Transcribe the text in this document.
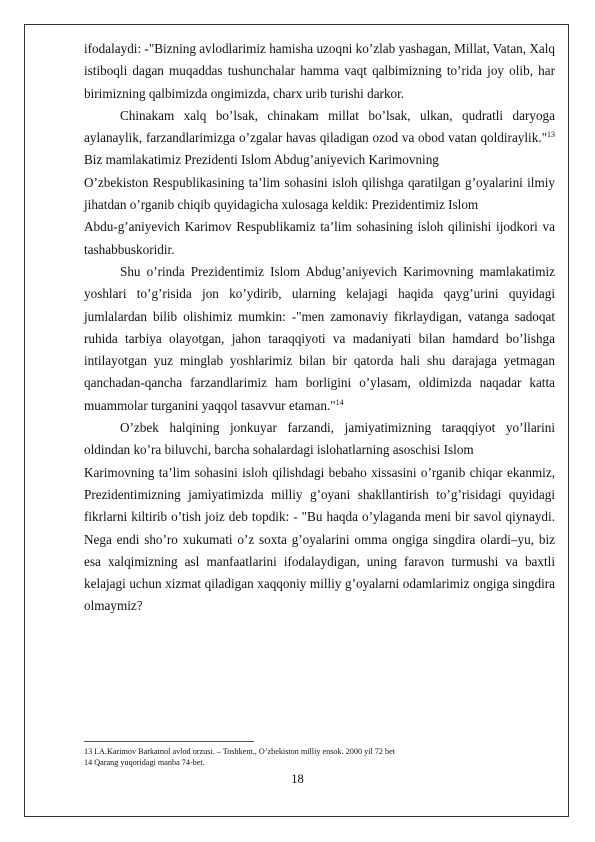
ifodalaydi: -"Bizning avlodlarimiz hamisha uzoqni ko’zlab yashagan, Millat, Vatan, Xalq istiboqli dagan muqaddas tushunchalar hamma vaqt qalbimizning to’rida joy olib, har birimizning qalbimizda ongimizda, charx urib turishi darkor.

Chinakam xalq bo’lsak, chinakam millat bo’lsak, ulkan, qudratli daryoga aylanaylik, farzandlarimizga o’zgalar havas qiladigan ozod va obod vatan qoldiraylik."$^{13}$ Biz mamlakatimiz Prezidenti Islom Abdug’aniyevich Karimovning

O’zbekiston Respublikasining ta’lim sohasini isloh qilishga qaratilgan g’oyalarini ilmiy jihatdan o’rganib chiqib quyidagicha xulosaga keldik: Prezidentimiz Islom

Abdu-g’aniyevich Karimov Respublikamiz ta’lim sohasining isloh qilinishi ijodkori va tashabbuskoridir.

Shu o’rinda Prezidentimiz Islom Abdug’aniyevich Karimovning mamlakatimiz yoshlari to’g’risida jon ko’ydirib, ularning kelajagi haqida qayg’urini quyidagi jumlalardan bilib olishimiz mumkin: -"men zamonaviy fikrlaydigan, vatanga sadoqat ruhida tarbiya olayotgan, jahon taraqqiyoti va madaniyati bilan hamdard bo’lishga intilayotgan yuz minglab yoshlarimiz bilan bir qatorda hali shu darajaga yetmagan qanchadan-qancha farzandlarimiz ham borligini o’ylasam, oldimizda naqadar katta muammolar turganini yaqqol tasavvur etaman."$^{14}$

O’zbek halqining jonkuyar farzandi, jamiyatimizning taraqqiyot yo’llarini oldindan ko’ra biluvchi, barcha sohalardagi islohatlarning asoschisi Islom

Karimovning ta’lim sohasini isloh qilishdagi bebaho xissasini o’rganib chiqar ekanmiz, Prezidentimizning jamiyatimizda milliy g’oyani shakllantirish to’g’risidagi quyidagi fikrlarni kiltirib o’tish joiz deb topdik: - "Bu haqda o’ylaganda meni bir savol qiynaydi. Nega endi sho’ro xukumati o’z soxta g’oyalarini omma ongiga singdira olardi–yu, biz esa xalqimizning asl manfaatlarini ifodalaydigan, uning faravon turmushi va baxtli kelajagi uchun xizmat qiladigan xaqqoniy milliy g’oyalarni odamlarimiz ongiga singdira olmaymiz?

13 I.A.Karimov Barkamol avlod orzusi. – Toshkent., O’zbekiston milliy ensok. 2000 yil 72 bet

14 Qarang yuqoridagi manba 74-bet.

18
